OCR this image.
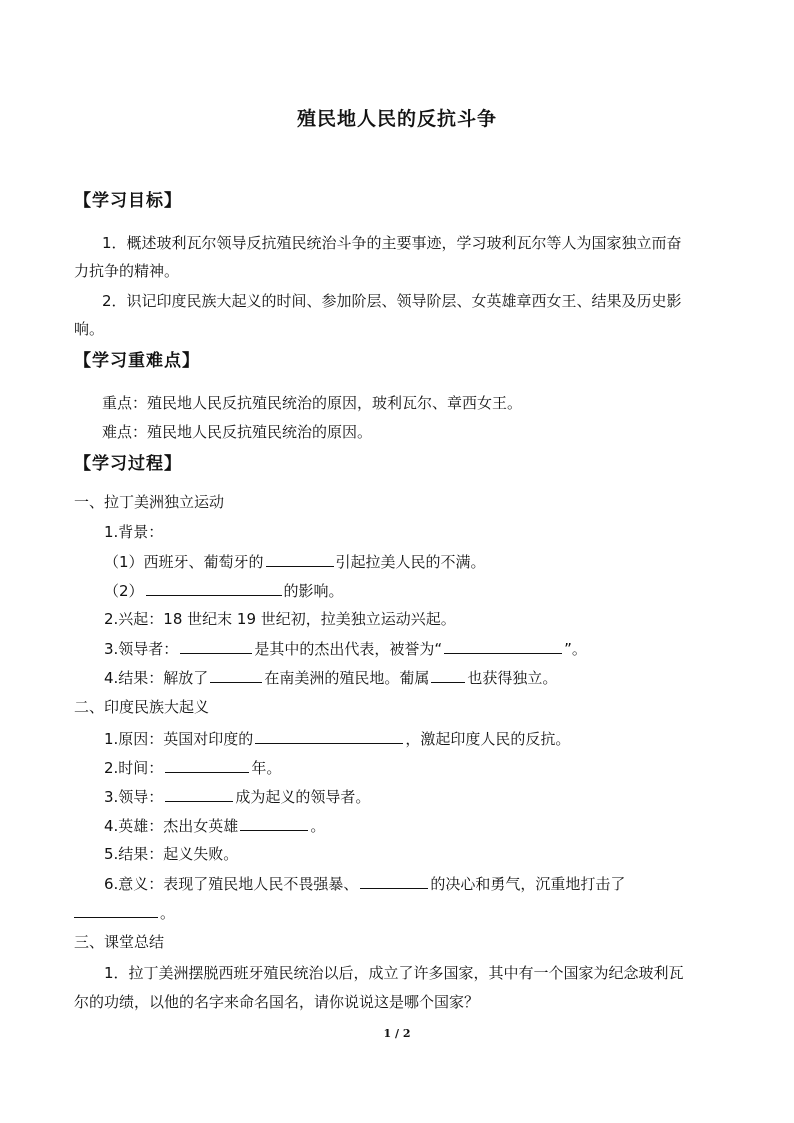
殖民地人民的反抗斗争
【学习目标】
1．概述玻利瓦尔领导反抗殖民统治斗争的主要事迹，学习玻利瓦尔等人为国家独立而奋
力抗争的精神。
2．识记印度民族大起义的时间、参加阶层、领导阶层、女英雄章西女王、结果及历史影
响。
【学习重难点】
重点：殖民地人民反抗殖民统治的原因，玻利瓦尔、章西女王。
难点：殖民地人民反抗殖民统治的原因。
【学习过程】
一、拉丁美洲独立运动
1.背景：
（1）西班牙、葡萄牙的	引起拉美人民的不满。
（2）	的影响。
2.兴起：18 世纪末 19 世纪初，拉美独立运动兴起。
3.领导者：	是其中的杰出代表，被誉为“	”。
4.结果：解放了	在南美洲的殖民地。葡属	也获得独立。
二、印度民族大起义
1.原因：英国对印度的	，激起印度人民的反抗。
2.时间：	年。
3.领导：	成为起义的领导者。
4.英雄：杰出女英雄	。
5.结果：起义失败。
6.意义：表现了殖民地人民不畏强暴、	的决心和勇气，沉重地打击了
。
三、课堂总结
1．拉丁美洲摆脱西班牙殖民统治以后，成立了许多国家，其中有一个国家为纪念玻利瓦
尔的功绩，以他的名字来命名国名，请你说说这是哪个国家？
1 / 2
